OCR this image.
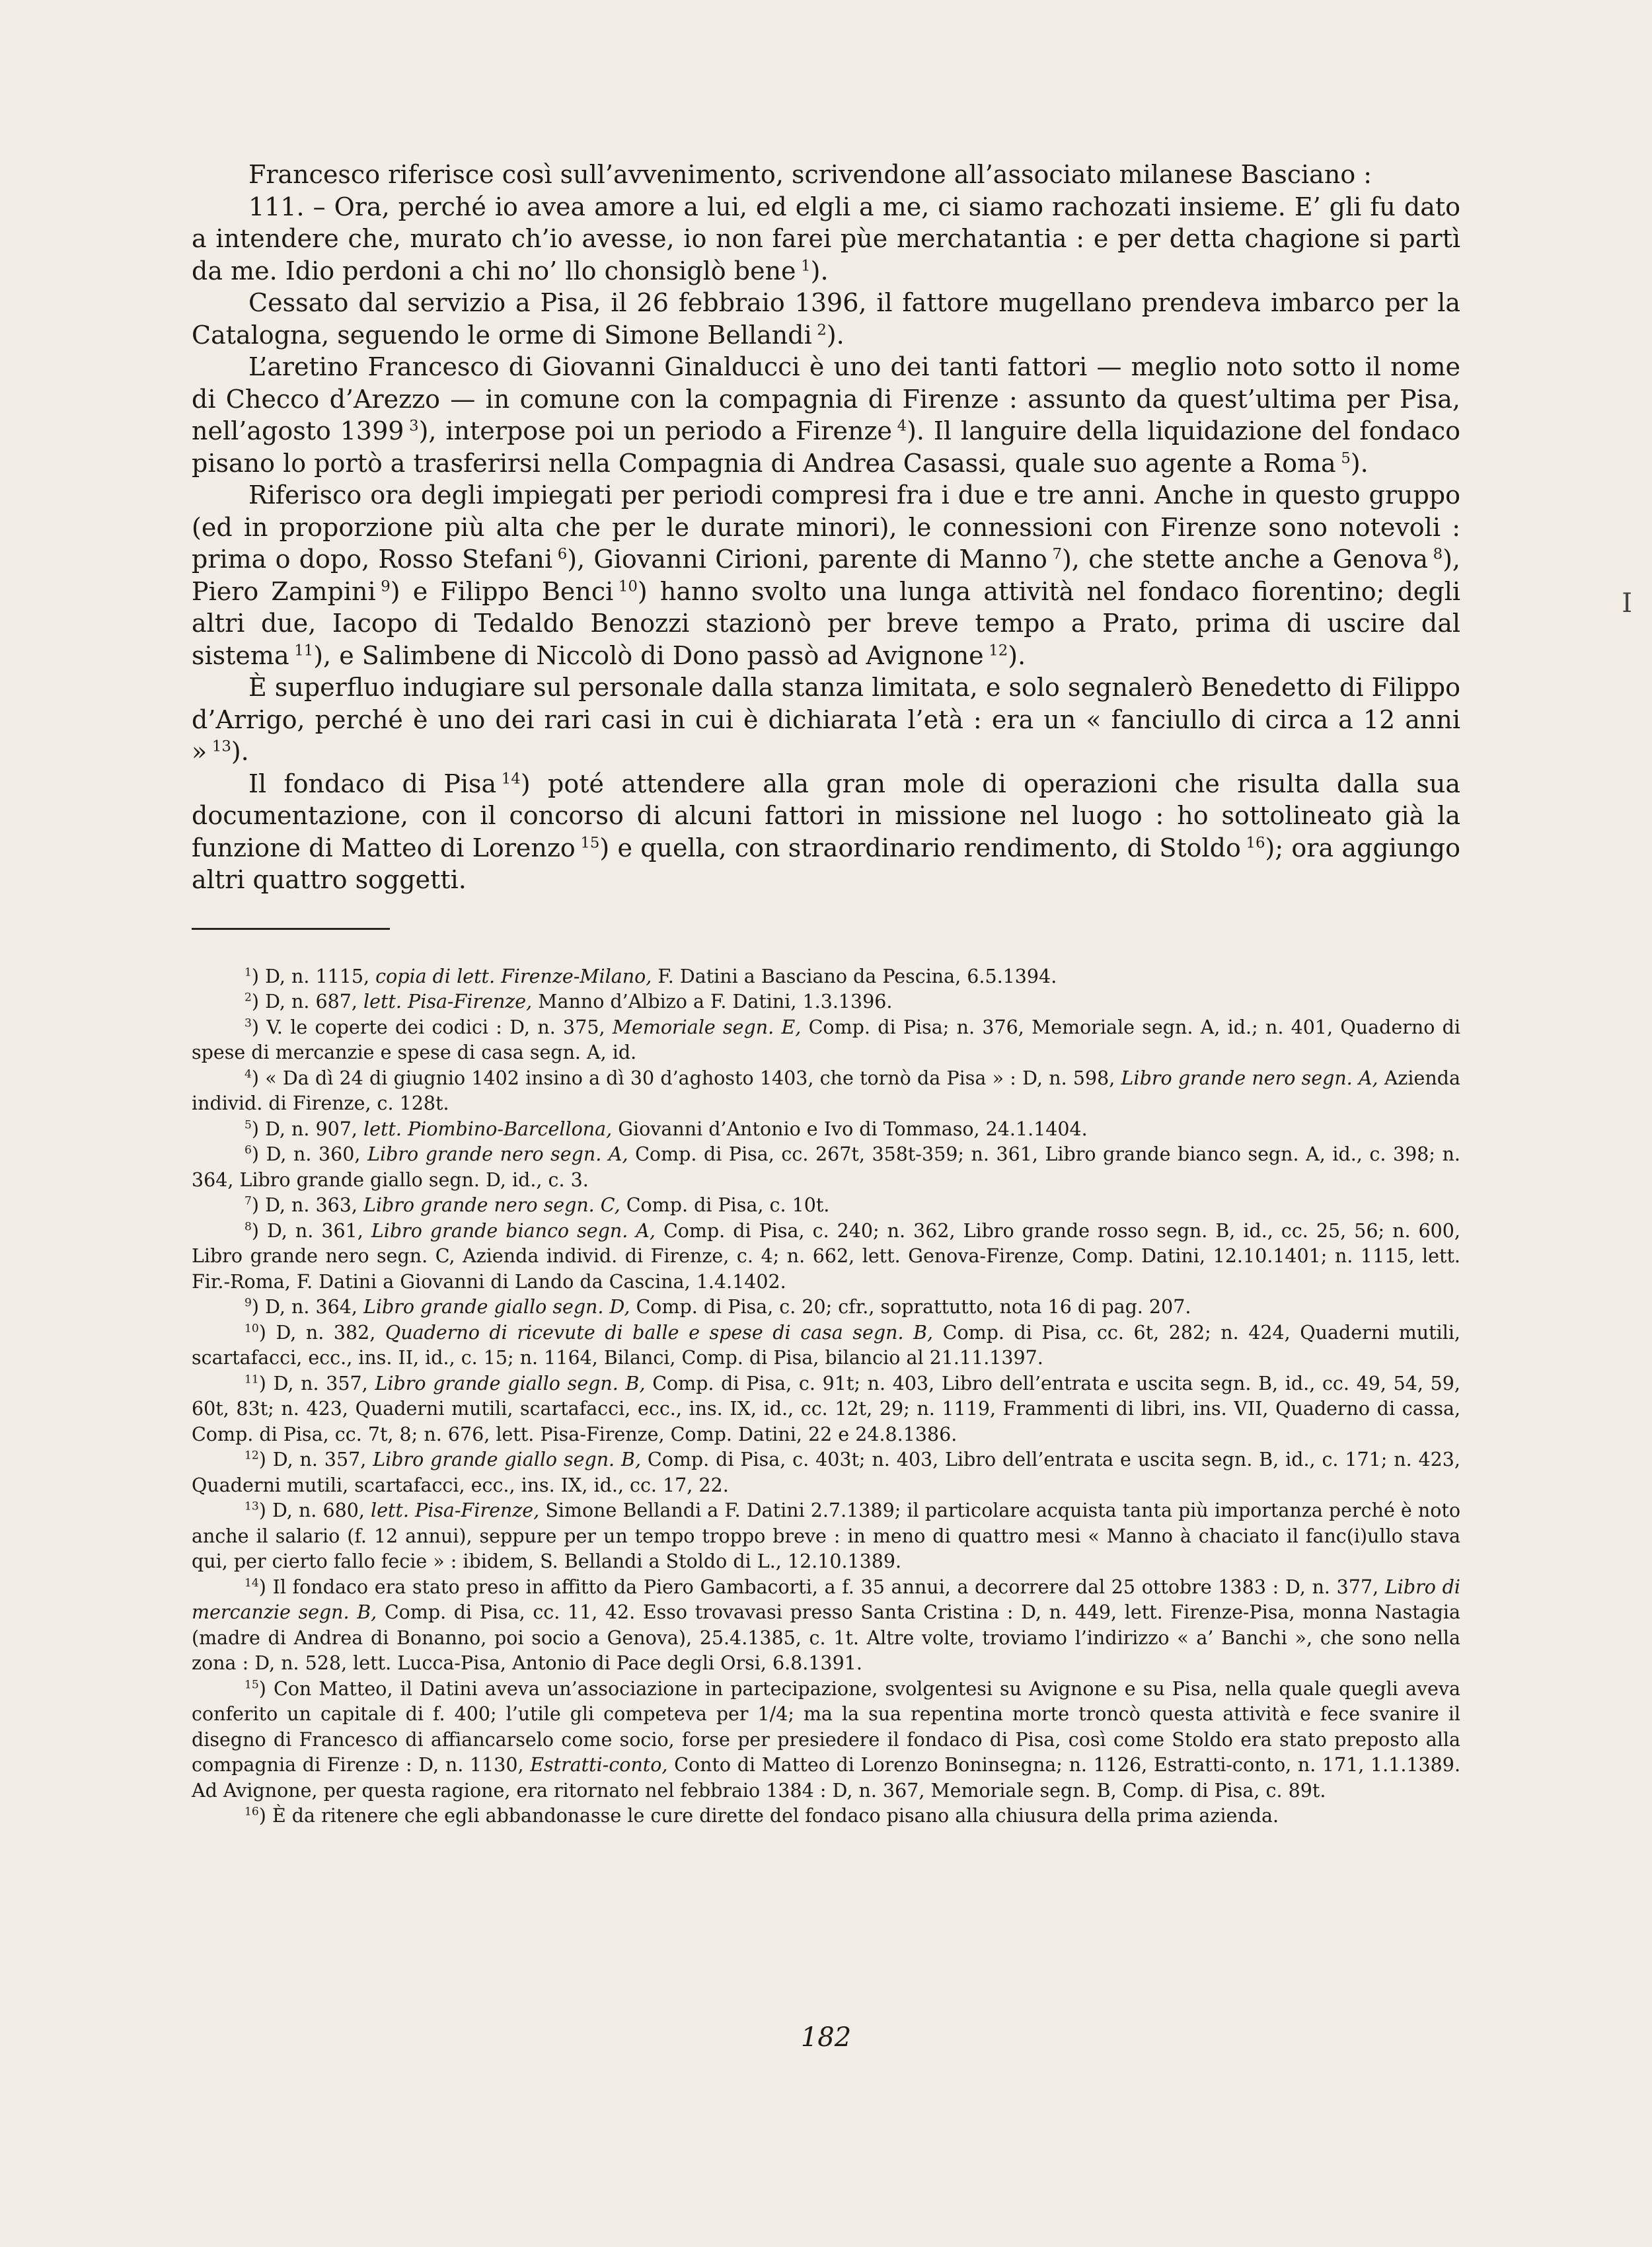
Francesco riferisce così sull’avvenimento, scrivendone all’associato milanese Basciano :

111. – Ora, perché io avea amore a lui, ed elgli a me, ci siamo rachozati insieme. E’ gli fu dato a intendere che, murato ch’io avesse, io non farei pùe merchatantia : e per detta chagione si partì da me. Idio perdoni a chi no’ llo chonsiglò bene  $^1$).

Cessato dal servizio a Pisa, il 26 febbraio 1396, il fattore mugellano prendeva imbarco per la Catalogna, seguendo le orme di Simone Bellandi  $^2$).

L’aretino Francesco di Giovanni Ginalducci è uno dei tanti fattori — meglio noto sotto il nome di Checco d’Arezzo — in comune con la compagnia di Firenze : assunto da quest’ultima per Pisa, nell’agosto 1399  $^3$), interpose poi un periodo a Firenze  $^4$). Il languire della liquidazione del fondaco pisano lo portò a trasferirsi nella Compagnia di Andrea Casassi, quale suo agente a Roma  $^5$).

Riferisco ora degli impiegati per periodi compresi fra i due e tre anni. Anche in questo gruppo (ed in proporzione più alta che per le durate minori), le connessioni con Firenze sono notevoli : prima o dopo, Rosso Stefani  $^6$), Giovanni Cirioni, parente di Manno  $^7$), che stette anche a Genova  $^8$), Piero Zampini  $^9$) e Filippo Benci  $^{10}$) hanno svolto una lunga attività nel fondaco fiorentino; degli altri due, Iacopo di Tedaldo Benozzi stazionò per breve tempo a Prato, prima di uscire dal sistema  $^{11}$), e Salimbene di Niccolò di Dono passò ad Avignone  $^{12}$).

È superfluo indugiare sul personale dalla stanza limitata, e solo segnalerò Benedetto di Filippo d’Arrigo, perché è uno dei rari casi in cui è dichiarata l’età : era un « fanciullo di circa a 12 anni »  $^{13}$).

Il fondaco di Pisa  $^{14}$) poté attendere alla gran mole di operazioni che risulta dalla sua documentazione, con il concorso di alcuni fattori in missione nel luogo : ho sottolineato già la funzione di Matteo di Lorenzo  $^{15}$) e quella, con straordinario rendimento, di Stoldo  $^{16}$); ora aggiungo altri quattro soggetti.

$^1$) D, n. 1115, copia di lett. Firenze-Milano, F. Datini a Basciano da Pescina, 6.5.1394.

$^2$) D, n. 687, lett. Pisa-Firenze, Manno d’Albizo a F. Datini, 1.3.1396.

$^3$) V. le coperte dei codici : D, n. 375, Memoriale segn. E, Comp. di Pisa; n. 376, Memoriale segn. A, id.; n. 401, Quaderno di spese di mercanzie e spese di casa segn. A, id.

$^4$) « Da dì 24 di giugnio 1402 insino a dì 30 d’aghosto 1403, che tornò da Pisa » : D, n. 598, Libro grande nero segn. A, Azienda individ. di Firenze, c. 128t.

$^5$) D, n. 907, lett. Piombino-Barcellona, Giovanni d’Antonio e Ivo di Tommaso, 24.1.1404.

$^6$) D, n. 360, Libro grande nero segn. A, Comp. di Pisa, cc. 267t, 358t-359; n. 361, Libro grande bianco segn. A, id., c. 398; n. 364, Libro grande giallo segn. D, id., c. 3.

$^7$) D, n. 363, Libro grande nero segn. C, Comp. di Pisa, c. 10t.

$^8$) D, n. 361, Libro grande bianco segn. A, Comp. di Pisa, c. 240; n. 362, Libro grande rosso segn. B, id., cc. 25, 56; n. 600, Libro grande nero segn. C, Azienda individ. di Firenze, c. 4; n. 662, lett. Genova-Firenze, Comp. Datini, 12.10.1401; n. 1115, lett. Fir.-Roma, F. Datini a Giovanni di Lando da Cascina, 1.4.1402.

$^9$) D, n. 364, Libro grande giallo segn. D, Comp. di Pisa, c. 20; cfr., soprattutto, nota 16 di pag. 207.

$^{10}$) D, n. 382, Quaderno di ricevute di balle e spese di casa segn. B, Comp. di Pisa, cc. 6t, 282; n. 424, Quaderni mutili, scartafacci, ecc., ins. II, id., c. 15; n. 1164, Bilanci, Comp. di Pisa, bilancio al 21.11.1397.

$^{11}$) D, n. 357, Libro grande giallo segn. B, Comp. di Pisa, c. 91t; n. 403, Libro dell’entrata e uscita segn. B, id., cc. 49, 54, 59, 60t, 83t; n. 423, Quaderni mutili, scartafacci, ecc., ins. IX, id., cc. 12t, 29; n. 1119, Frammenti di libri, ins. VII, Quaderno di cassa, Comp. di Pisa, cc. 7t, 8; n. 676, lett. Pisa-Firenze, Comp. Datini, 22 e 24.8.1386.

$^{12}$) D, n. 357, Libro grande giallo segn. B, Comp. di Pisa, c. 403t; n. 403, Libro dell’entrata e uscita segn. B, id., c. 171; n. 423, Quaderni mutili, scartafacci, ecc., ins. IX, id., cc. 17, 22.

$^{13}$) D, n. 680, lett. Pisa-Firenze, Simone Bellandi a F. Datini 2.7.1389; il particolare acquista tanta più importanza perché è noto anche il salario (f. 12 annui), seppure per un tempo troppo breve : in meno di quattro mesi « Manno à chaciato il fanc(i)ullo stava qui, per cierto fallo fecie » : ibidem, S. Bellandi a Stoldo di L., 12.10.1389.

$^{14}$) Il fondaco era stato preso in affitto da Piero Gambacorti, a f. 35 annui, a decorrere dal 25 ottobre 1383 : D, n. 377, Libro di mercanzie segn. B, Comp. di Pisa, cc. 11, 42. Esso trovavasi presso Santa Cristina : D, n. 449, lett. Firenze-Pisa, monna Nastagia (madre di Andrea di Bonanno, poi socio a Genova), 25.4.1385, c. 1t. Altre volte, troviamo l’indirizzo « a’ Banchi », che sono nella zona : D, n. 528, lett. Lucca-Pisa, Antonio di Pace degli Orsi, 6.8.1391.

$^{15}$) Con Matteo, il Datini aveva un’associazione in partecipazione, svolgentesi su Avignone e su Pisa, nella quale quegli aveva conferito un capitale di f. 400; l’utile gli competeva per 1/4; ma la sua repentina morte troncò questa attività e fece svanire il disegno di Francesco di affiancarselo come socio, forse per presiedere il fondaco di Pisa, così come Stoldo era stato preposto alla compagnia di Firenze : D, n. 1130, Estratti-conto, Conto di Matteo di Lorenzo Boninsegna; n. 1126, Estratti-conto, n. 171, 1.1.1389. Ad Avignone, per questa ragione, era ritornato nel febbraio 1384 : D, n. 367, Memoriale segn. B, Comp. di Pisa, c. 89t.

$^{16}$) È da ritenere che egli abbandonasse le cure dirette del fondaco pisano alla chiusura della prima azienda.

182
I
